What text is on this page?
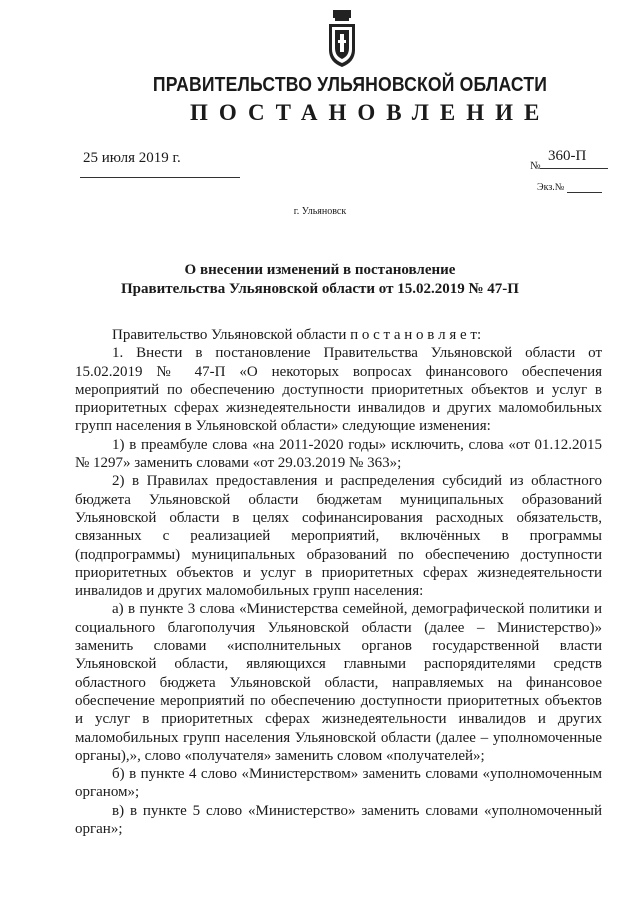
ПРАВИТЕЛЬСТВО УЛЬЯНОВСКОЙ ОБЛАСТИ
ПОСТАНОВЛЕНИЕ
25 июля 2019 г.	№
360-П
Экз.№
г. Ульяновск
О внесении изменений в постановление
Правительства Ульяновской области от 15.02.2019 № 47-П

Правительство Ульяновской области п о с т а н о в л я е т:

1. Внести в постановление Правительства Ульяновской области от 15.02.2019 № 47-П «О некоторых вопросах финансового обеспечения мероприятий по обеспечению доступности приоритетных объектов и услуг в приоритетных сферах жизнедеятельности инвалидов и других маломобильных групп населения в Ульяновской области» следующие изменения:

1) в преамбуле слова «на 2011-2020 годы» исключить, слова «от 01.12.2015 № 1297» заменить словами «от 29.03.2019 № 363»;

2) в Правилах предоставления и распределения субсидий из областного бюджета Ульяновской области бюджетам муниципальных образований Ульяновской области в целях софинансирования расходных обязательств, связанных с реализацией мероприятий, включённых в программы (подпрограммы) муниципальных образований по обеспечению доступности приоритетных объектов и услуг в приоритетных сферах жизнедеятельности инвалидов и других маломобильных групп населения:

а) в пункте 3 слова «Министерства семейной, демографической политики и социального благополучия Ульяновской области (далее – Министерство)» заменить словами «исполнительных органов государственной власти Ульяновской области, являющихся главными распорядителями средств областного бюджета Ульяновской области, направляемых на финансовое обеспечение мероприятий по обеспечению доступности приоритетных объектов и услуг в приоритетных сферах жизнедеятельности инвалидов и других маломобильных групп населения Ульяновской области (далее – уполномоченные органы),», слово «получателя» заменить словом «получателей»;

б) в пункте 4 слово «Министерством» заменить словами «уполномоченным органом»;

в) в пункте 5 слово «Министерство» заменить словами «уполномоченный орган»;
